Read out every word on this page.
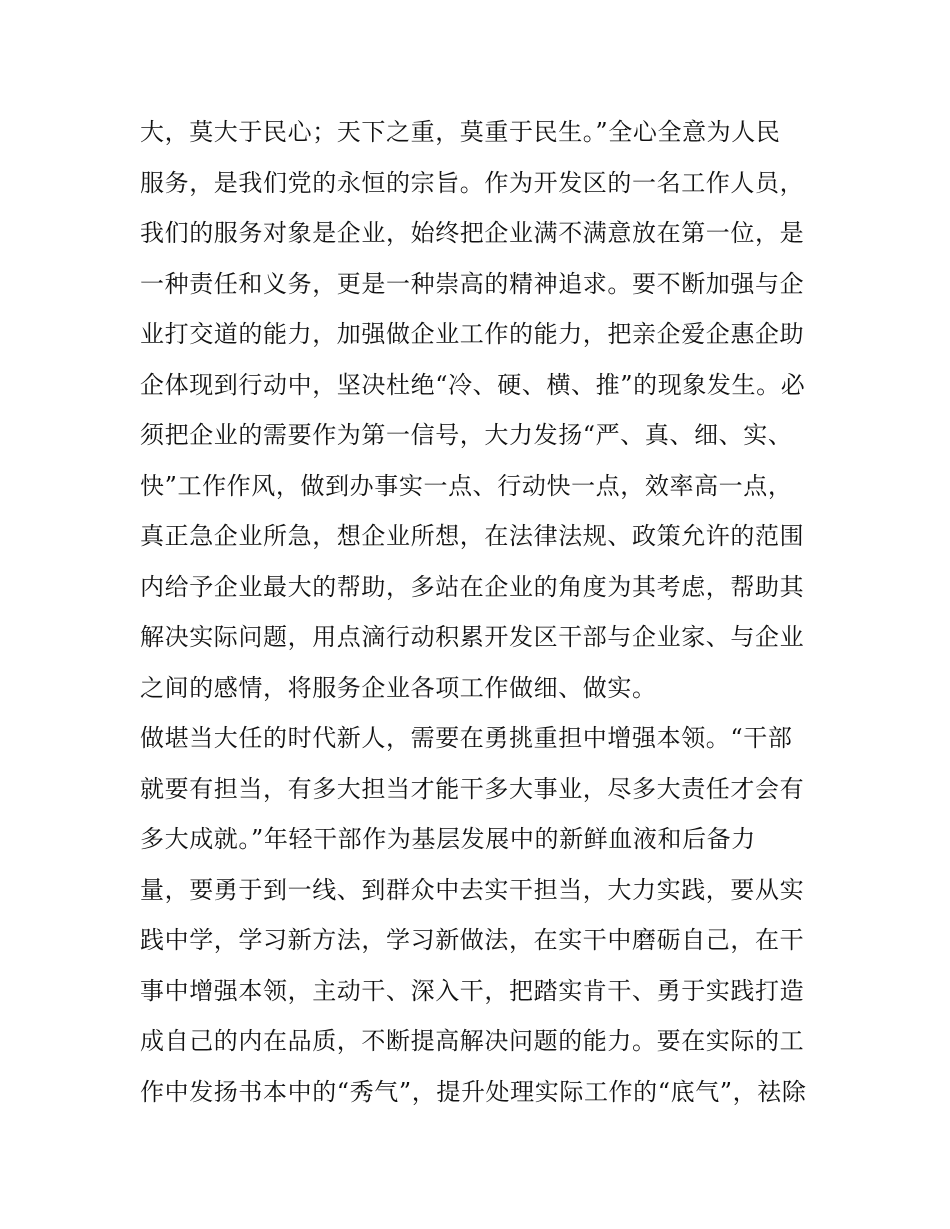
大，莫大于民心；天下之重，莫重于民生。”全心全意为人民
服务，是我们党的永恒的宗旨。作为开发区的一名工作人员，
我们的服务对象是企业，始终把企业满不满意放在第一位，是
一种责任和义务，更是一种崇高的精神追求。要不断加强与企
业打交道的能力，加强做企业工作的能力，把亲企爱企惠企助
企体现到行动中，坚决杜绝“冷、硬、横、推”的现象发生。必
须把企业的需要作为第一信号，大力发扬“严、真、细、实、
快”工作作风，做到办事实一点、行动快一点，效率高一点，
真正急企业所急，想企业所想，在法律法规、政策允许的范围
内给予企业最大的帮助，多站在企业的角度为其考虑，帮助其
解决实际问题，用点滴行动积累开发区干部与企业家、与企业
之间的感情，将服务企业各项工作做细、做实。
做堪当大任的时代新人，需要在勇挑重担中增强本领。“干部
就要有担当，有多大担当才能干多大事业，尽多大责任才会有
多大成就。”年轻干部作为基层发展中的新鲜血液和后备力
量，要勇于到一线、到群众中去实干担当，大力实践，要从实
践中学，学习新方法，学习新做法，在实干中磨砺自己，在干
事中增强本领，主动干、深入干，把踏实肯干、勇于实践打造
成自己的内在品质，不断提高解决问题的能力。要在实际的工
作中发扬书本中的“秀气”，提升处理实际工作的“底气”，祛除
